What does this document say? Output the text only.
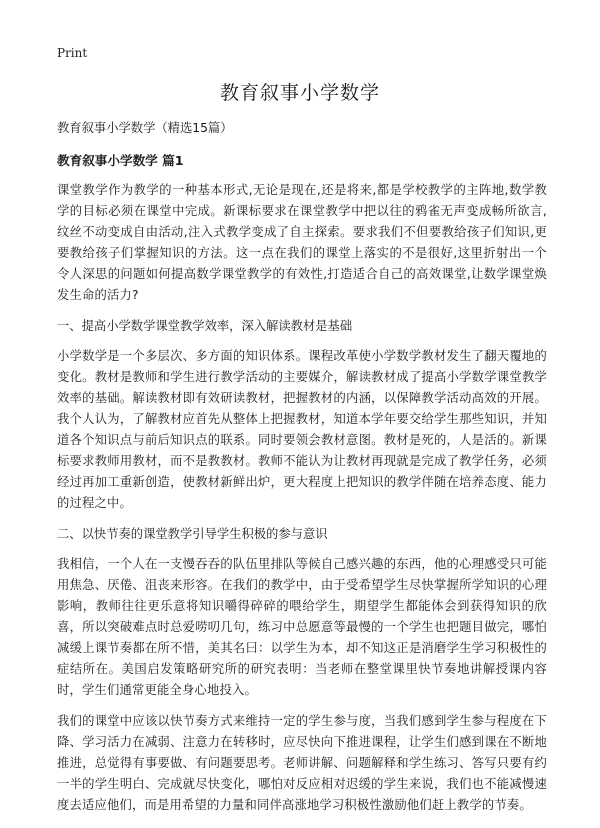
Print
教育叙事小学数学

教育叙事小学数学（精选15篇）

教育叙事小学数学 篇1

课堂教学作为教学的一种基本形式,无论是现在,还是将来,都是学校教学的主阵地,数学教学的目标必须在课堂中完成。新课标要求在课堂教学中把以往的鸦雀无声变成畅所欲言,纹丝不动变成自由活动,注入式教学变成了自主探索。要求我们不但要教给孩子们知识,更要教给孩子们掌握知识的方法。这一点在我们的课堂上落实的不是很好,这里折射出一个令人深思的问题如何提高数学课堂教学的有效性,打造适合自己的高效课堂,让数学课堂焕发生命的活力?

一、提高小学数学课堂教学效率，深入解读教材是基础

小学数学是一个多层次、多方面的知识体系。课程改革使小学数学教材发生了翻天覆地的变化。教材是教师和学生进行教学活动的主要媒介，解读教材成了提高小学数学课堂教学效率的基础。解读教材即有效研读教材，把握教材的内涵，以保障教学活动高效的开展。我个人认为，了解教材应首先从整体上把握教材，知道本学年要交给学生那些知识，并知道各个知识点与前后知识点的联系。同时要领会教材意图。教材是死的，人是活的。新课标要求教师用教材，而不是教教材。教师不能认为让教材再现就是完成了教学任务，必须经过再加工重新创造，使教材新鲜出炉，更大程度上把知识的教学伴随在培养态度、能力的过程之中。

二、以快节奏的课堂教学引导学生积极的参与意识

我相信，一个人在一支慢吞吞的队伍里排队等候自己感兴趣的东西，他的心理感受只可能用焦急、厌倦、沮丧来形容。在我们的教学中，由于受希望学生尽快掌握所学知识的心理影响，教师往往更乐意将知识嚼得碎碎的喂给学生，期望学生都能体会到获得知识的欣喜，所以突破难点时总爱唠叨几句，练习中总愿意等最慢的一个学生也把题目做完，哪怕减缓上课节奏都在所不惜，美其名曰：以学生为本，却不知这正是消磨学生学习积极性的症结所在。美国启发策略研究所的研究表明：当老师在整堂课里快节奏地讲解授课内容时，学生们通常更能全身心地投入。

我们的课堂中应该以快节奏方式来维持一定的学生参与度，当我们感到学生参与程度在下降、学习活力在减弱、注意力在转移时，应尽快向下推进课程，让学生们感到课在不断地推进，总觉得有事要做、有问题要思考。老师讲解、问题解释和学生练习、答写只要有约一半的学生明白、完成就尽快变化，哪怕对反应相对迟缓的学生来说，我们也不能减慢速度去适应他们，而是用希望的力量和同伴高涨地学习积极性激励他们赶上教学的节奏。
